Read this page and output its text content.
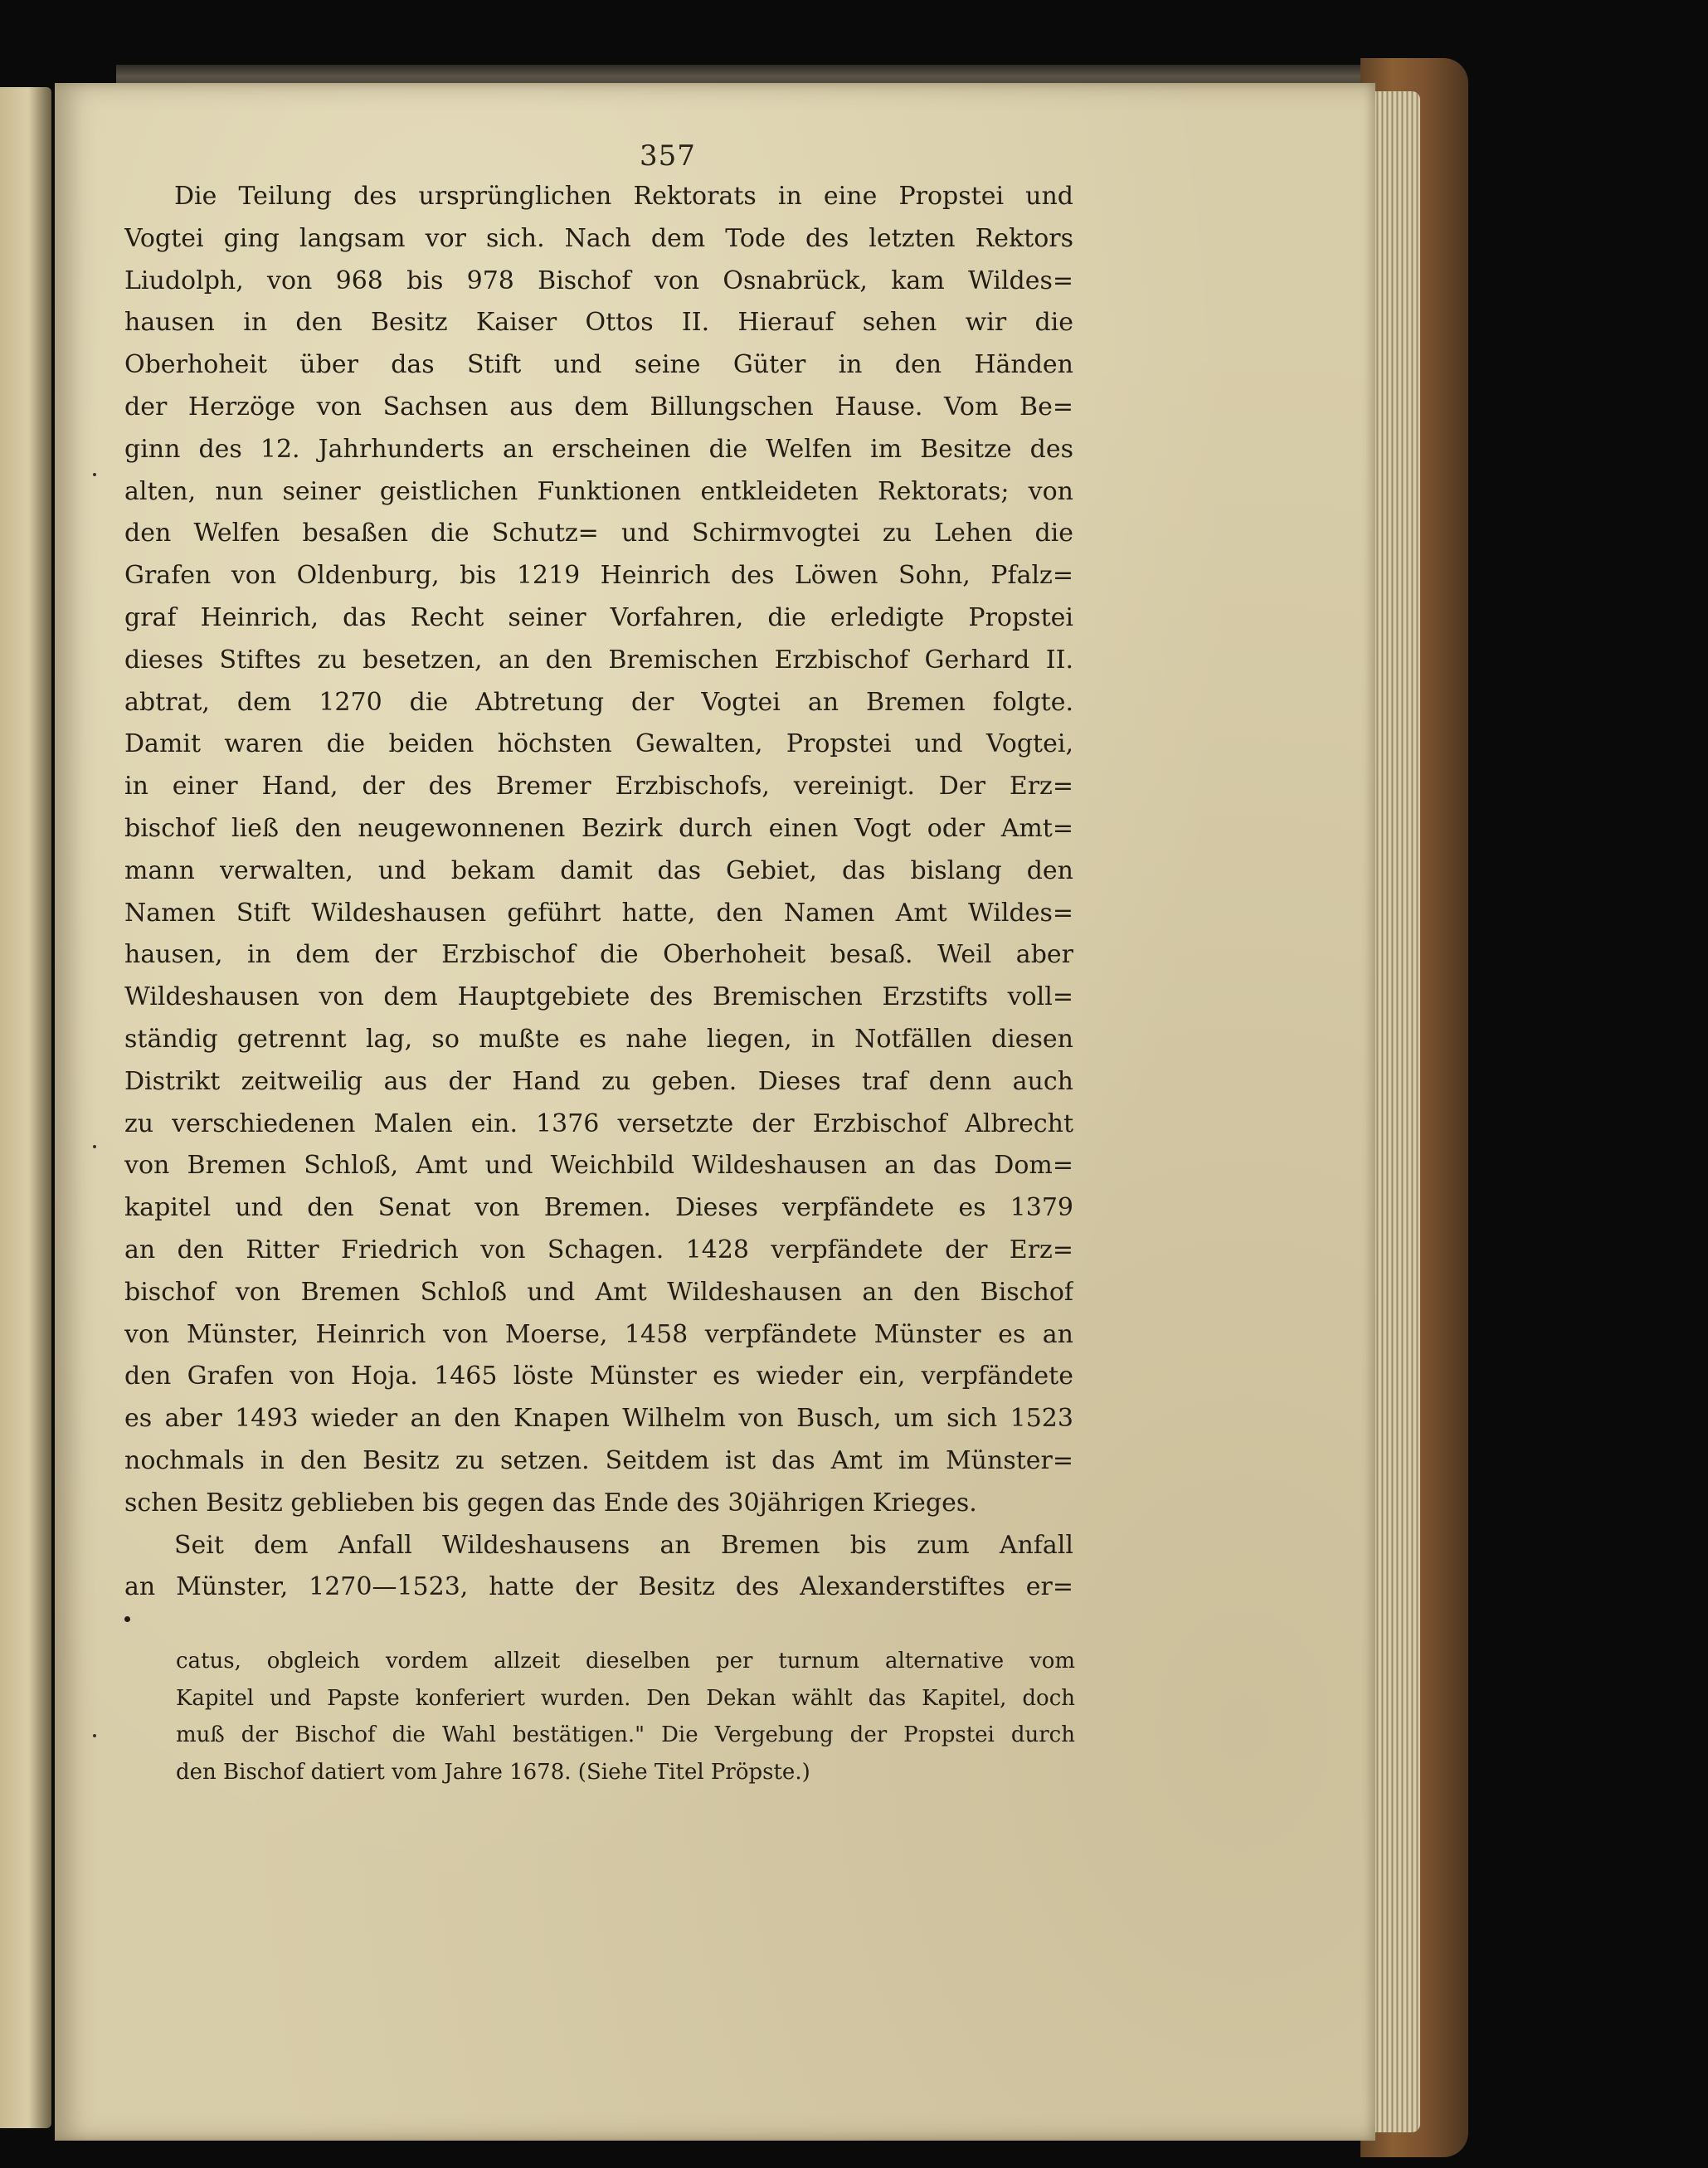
357
Die Teilung des ursprünglichen Rektorats in eine Propstei und
Vogtei ging langsam vor sich. Nach dem Tode des letzten Rektors
Liudolph, von 968 bis 978 Bischof von Osnabrück, kam Wildes=
hausen in den Besitz Kaiser Ottos II. Hierauf sehen wir die
Oberhoheit über das Stift und seine Güter in den Händen
der Herzöge von Sachsen aus dem Billungschen Hause. Vom Be=
ginn des 12. Jahrhunderts an erscheinen die Welfen im Besitze des
alten, nun seiner geistlichen Funktionen entkleideten Rektorats; von
den Welfen besaßen die Schutz= und Schirmvogtei zu Lehen die
Grafen von Oldenburg, bis 1219 Heinrich des Löwen Sohn, Pfalz=
graf Heinrich, das Recht seiner Vorfahren, die erledigte Propstei
dieses Stiftes zu besetzen, an den Bremischen Erzbischof Gerhard II.
abtrat, dem 1270 die Abtretung der Vogtei an Bremen folgte.
Damit waren die beiden höchsten Gewalten, Propstei und Vogtei,
in einer Hand, der des Bremer Erzbischofs, vereinigt. Der Erz=
bischof ließ den neugewonnenen Bezirk durch einen Vogt oder Amt=
mann verwalten, und bekam damit das Gebiet, das bislang den
Namen Stift Wildeshausen geführt hatte, den Namen Amt Wildes=
hausen, in dem der Erzbischof die Oberhoheit besaß. Weil aber
Wildeshausen von dem Hauptgebiete des Bremischen Erzstifts voll=
ständig getrennt lag, so mußte es nahe liegen, in Notfällen diesen
Distrikt zeitweilig aus der Hand zu geben. Dieses traf denn auch
zu verschiedenen Malen ein. 1376 versetzte der Erzbischof Albrecht
von Bremen Schloß, Amt und Weichbild Wildeshausen an das Dom=
kapitel und den Senat von Bremen. Dieses verpfändete es 1379
an den Ritter Friedrich von Schagen. 1428 verpfändete der Erz=
bischof von Bremen Schloß und Amt Wildeshausen an den Bischof
von Münster, Heinrich von Moerse, 1458 verpfändete Münster es an
den Grafen von Hoja. 1465 löste Münster es wieder ein, verpfändete
es aber 1493 wieder an den Knapen Wilhelm von Busch, um sich 1523
nochmals in den Besitz zu setzen. Seitdem ist das Amt im Münster=
schen Besitz geblieben bis gegen das Ende des 30jährigen Krieges.
Seit dem Anfall Wildeshausens an Bremen bis zum Anfall
an Münster, 1270—1523, hatte der Besitz des Alexanderstiftes er=
catus, obgleich vordem allzeit dieselben per turnum alternative vom
Kapitel und Papste konferiert wurden. Den Dekan wählt das Kapitel, doch
muß der Bischof die Wahl bestätigen." Die Vergebung der Propstei durch
den Bischof datiert vom Jahre 1678. (Siehe Titel Pröpste.)
